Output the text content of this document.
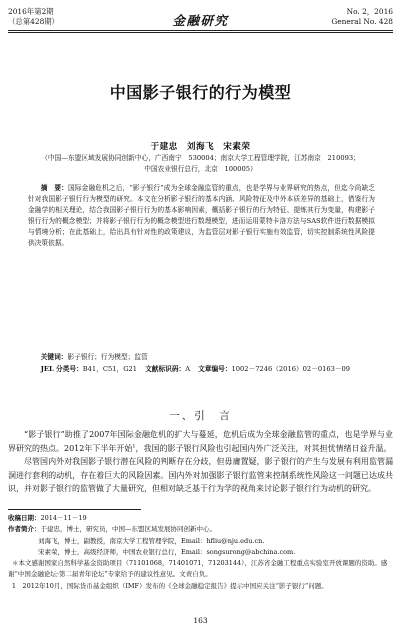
2016年第2期
（总第428期）	金融研究
No. 2，2016
General No. 428
中国影子银行的行为模型
于建忠　刘海飞　宋素荣
（中国—东盟区域发展协同创新中心，广西南宁　530004；南京大学工程管理学院，江苏南京　210093；
中国农业银行总行，北京　100005）
摘　要：国际金融危机之后，“影子银行”成为全球金融监管的重点，也是学界与业界研究的热点，但迄今尚缺乏针对我国影子银行行为模型的研究。本文在分析影子银行的基本内涵、风险特征及中外本质差异的基础上，借鉴行为金融学的相关理论，结合我国影子银行行为的基本影响因素，概括影子银行的行为特征、提炼其行为变量，构建影子银行行为的概念模型；并将影子银行行为的概念模型进行数理模型，进而运用蒙特卡洛方法与SAS软件进行数据模拟与情境分析；在此基础上，给出具有针对性的政策建议，为监管层对影子银行实施有效监管，切实控制系统性风险提供决策依据。
关键词：影子银行；行为模型；监管
JEL 分类号：B41，C51，G21 文献标识码：A 文章编号：1002－7246（2016）02－0163－09
一、引　言

“影子银行”助推了2007年国际金融危机的扩大与蔓延，危机后成为全球金融监管的重点，也是学界与业界研究的热点。2012年下半年开始$^1$，我国的影子银行风险也引起国内外广泛关注，对其担忧情绪日益升温。

尽管国内外对我国影子银行潜在风险的判断存在分歧，但毋庸置疑，影子银行的产生与发展有利用监管漏洞进行套利的动机，存在着巨大的风险因素。国内外对加强影子银行监管来控制系统性风险这一问题已达成共识，并对影子银行的监管做了大量研究，但相对缺乏基于行为学的视角来讨论影子银行行为动机的研究。

收稿日期：2014－11－19
作者简介：于建忠，博士，研究员，中国—东盟区域发展协同创新中心。
刘海飞，博士，副教授，南京大学工程管理学院，Email：hfliu@nju.edu.cn.
宋素荣，博士，高级经济师，中国农业银行总行，Email：songsurong@abchina.com.
＊本文感谢国家自然科学基金资助项目（71101068，71401071，71203144）、江苏省金融工程重点实验室开放课题的资助。感谢“中国金融论坛·第二届青年论坛”专家给予的建议性意见。文责自负。
1　2012年10月，国际货币基金组织（IMF）发布的《全球金融稳定报告》提示中国应关注“影子银行”问题。
163
